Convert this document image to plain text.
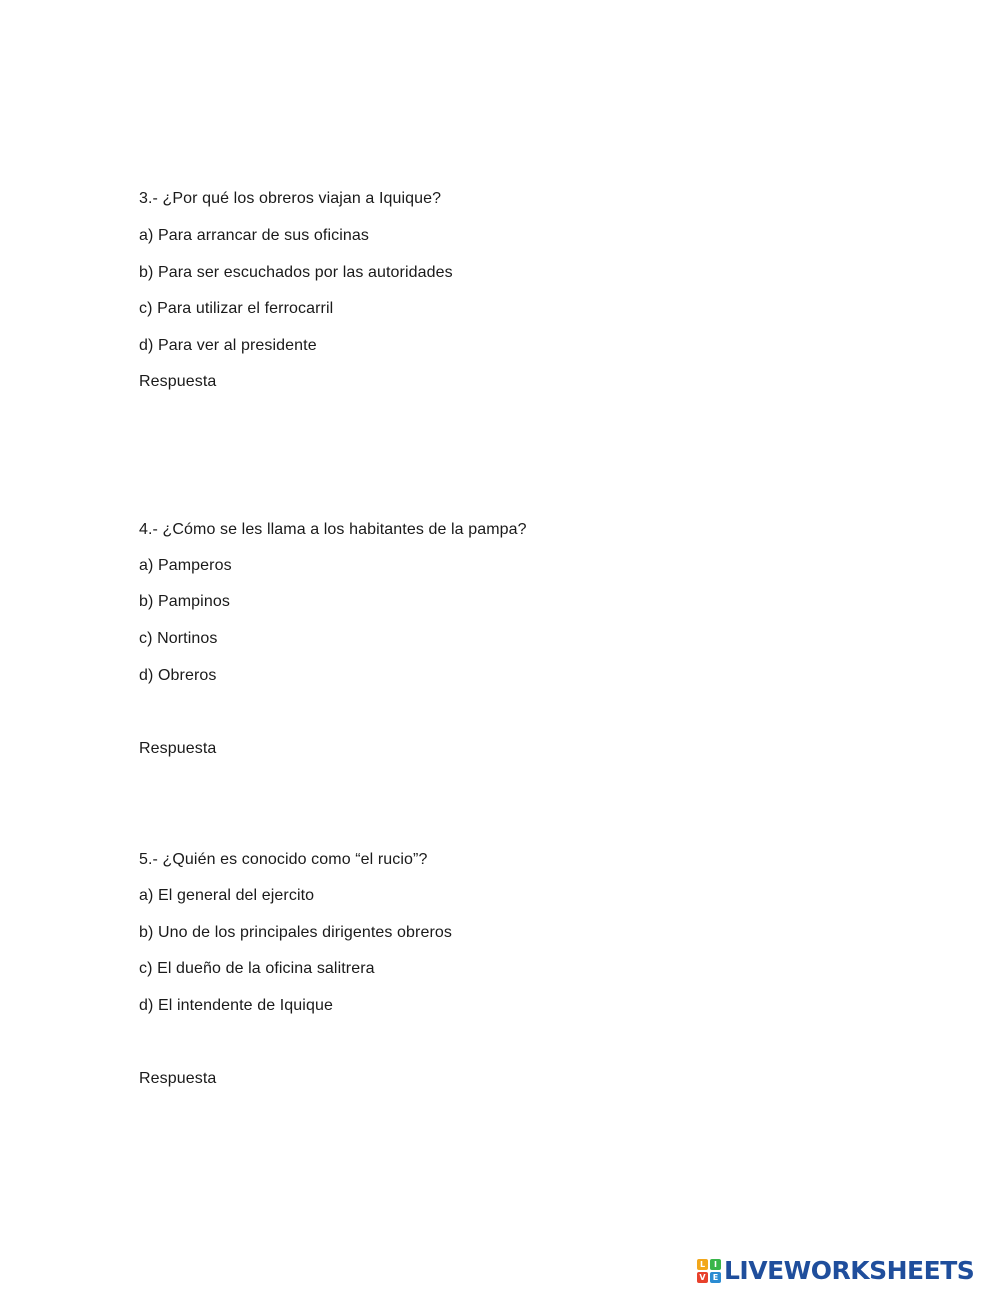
3.- ¿Por qué los obreros viajan a Iquique?
a) Para arrancar de sus oficinas
b) Para ser escuchados por las autoridades
c) Para utilizar el ferrocarril
d) Para ver al presidente
Respuesta
4.- ¿Cómo se les llama a los habitantes de la pampa?
a) Pamperos
b) Pampinos
c) Nortinos
d) Obreros
Respuesta
5.- ¿Quién es conocido como “el rucio”?
a) El general del ejercito
b) Uno de los principales dirigentes obreros
c) El dueño de la oficina salitrera
d) El intendente de Iquique
Respuesta
L	I
V E LIVEWORKSHEETS
